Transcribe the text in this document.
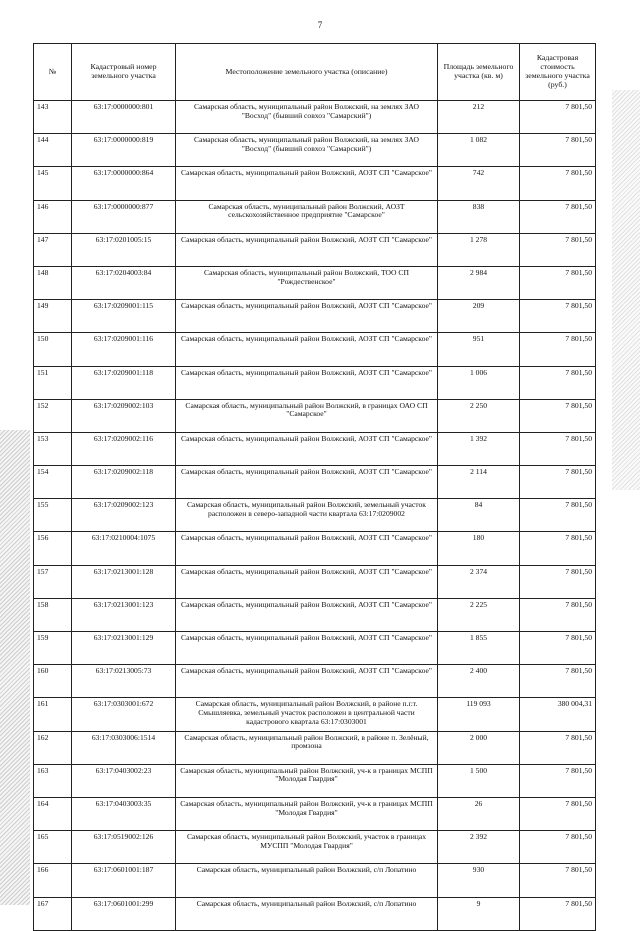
7
№	Кадастровый номер земельного участка	Местоположение земельного участка (описание)	Площадь земельного участка (кв. м)	Кадастровая стоимость земельного участка (руб.)
143	63:17:0000000:801	Самарская область, муниципальный район Волжский, на землях ЗАО "Восход" (бывший совхоз "Самарский")	212	7 801,50
144	63:17:0000000:819	Самарская область, муниципальный район Волжский, на землях ЗАО "Восход" (бывший совхоз "Самарский")	1 082	7 801,50
145	63:17:0000000:864	Самарская область, муниципальный район Волжский, АОЗТ СП "Самарское"	742	7 801,50
146	63:17:0000000:877	Самарская область, муниципальный район Волжский, АОЗТ сельскохозяйственное предприятие "Самарское"	838	7 801,50
147	63:17:0201005:15	Самарская область, муниципальный район Волжский, АОЗТ СП "Самарское"	1 278	7 801,50
148	63:17:0204003:84	Самарская область, муниципальный район Волжский, ТОО СП "Рождественское"	2 984	7 801,50
149	63:17:0209001:115	Самарская область, муниципальный район Волжский, АОЗТ СП "Самарское"	209	7 801,50
150	63:17:0209001:116	Самарская область, муниципальный район Волжский, АОЗТ СП "Самарское"	951	7 801,50
151	63:17:0209001:118	Самарская область, муниципальный район Волжский, АОЗТ СП "Самарское"	1 006	7 801,50
152	63:17:0209002:103	Самарская область, муниципальный район Волжский, в границах ОАО СП "Самарское"	2 250	7 801,50
153	63:17:0209002:116	Самарская область, муниципальный район Волжский, АОЗТ СП "Самарское"	1 392	7 801,50
154	63:17:0209002:118	Самарская область, муниципальный район Волжский, АОЗТ СП "Самарское"	2 114	7 801,50
155	63:17:0209002:123	Самарская область, муниципальный район Волжский, земельный участок расположен в северо-западной части квартала 63:17:0209002	84	7 801,50
156	63:17:0210004:1075	Самарская область, муниципальный район Волжский, АОЗТ СП "Самарское"	180	7 801,50
157	63:17:0213001:128	Самарская область, муниципальный район Волжский, АОЗТ СП "Самарское"	2 374	7 801,50
158	63:17:0213001:123	Самарская область, муниципальный район Волжский, АОЗТ СП "Самарское"	2 225	7 801,50
159	63:17:0213001:129	Самарская область, муниципальный район Волжский, АОЗТ СП "Самарское"	1 855	7 801,50
160	63:17:0213005:73	Самарская область, муниципальный район Волжский, АОЗТ СП "Самарское"	2 400	7 801,50
161	63:17:0303001:672	Самарская область, муниципальный район Волжский, в районе п.г.т. Смышляевка, земельный участок расположен в центральной части кадастрового квартала 63:17:0303001	119 093	380 004,31
162	63:17:0303006:1514	Самарская область, муниципальный район Волжский, в районе п. Зелёный, промзона	2 000	7 801,50
163	63:17:0403002:23	Самарская область, муниципальный район Волжский, уч-к в границах МСПП "Молодая Гвардия"	1 500	7 801,50
164	63:17:0403003:35	Самарская область, муниципальный район Волжский, уч-к в границах МСПП "Молодая Гвардия"	26	7 801,50
165	63:17:0519002:126	Самарская область, муниципальный район Волжский, участок в границах МУСПП "Молодая Гвардия"	2 392	7 801,50
166	63:17:0601001:187	Самарская область, муниципальный район Волжский, с/п Лопатино	930	7 801,50
167	63:17:0601001:299	Самарская область, муниципальный район Волжский, с/п Лопатино	9	7 801,50
